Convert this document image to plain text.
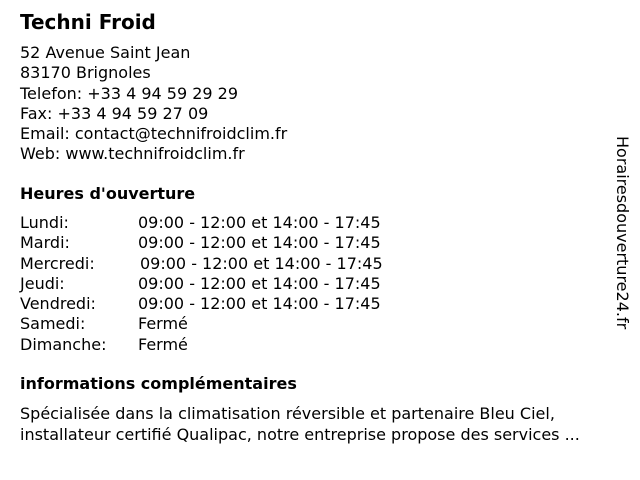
Techni Froid
52 Avenue Saint Jean
83170 Brignoles
Telefon: +33 4 94 59 29 29
Fax: +33 4 94 59 27 09
Email: contact@technifroidclim.fr
Web: www.technifroidclim.fr
Heures d'ouverture
Lundi:	09:00 - 12:00 et 14:00 - 17:45
Mardi:	09:00 - 12:00 et 14:00 - 17:45
Mercredi:	09:00 - 12:00 et 14:00 - 17:45
Jeudi:	09:00 - 12:00 et 14:00 - 17:45
Vendredi:	09:00 - 12:00 et 14:00 - 17:45
Samedi:	Fermé
Dimanche: Fermé
informations complémentaires
Spécialisée dans la climatisation réversible et partenaire Bleu Ciel,
installateur certifié Qualipac, notre entreprise propose des services ...
Horairesdouverture24.fr
